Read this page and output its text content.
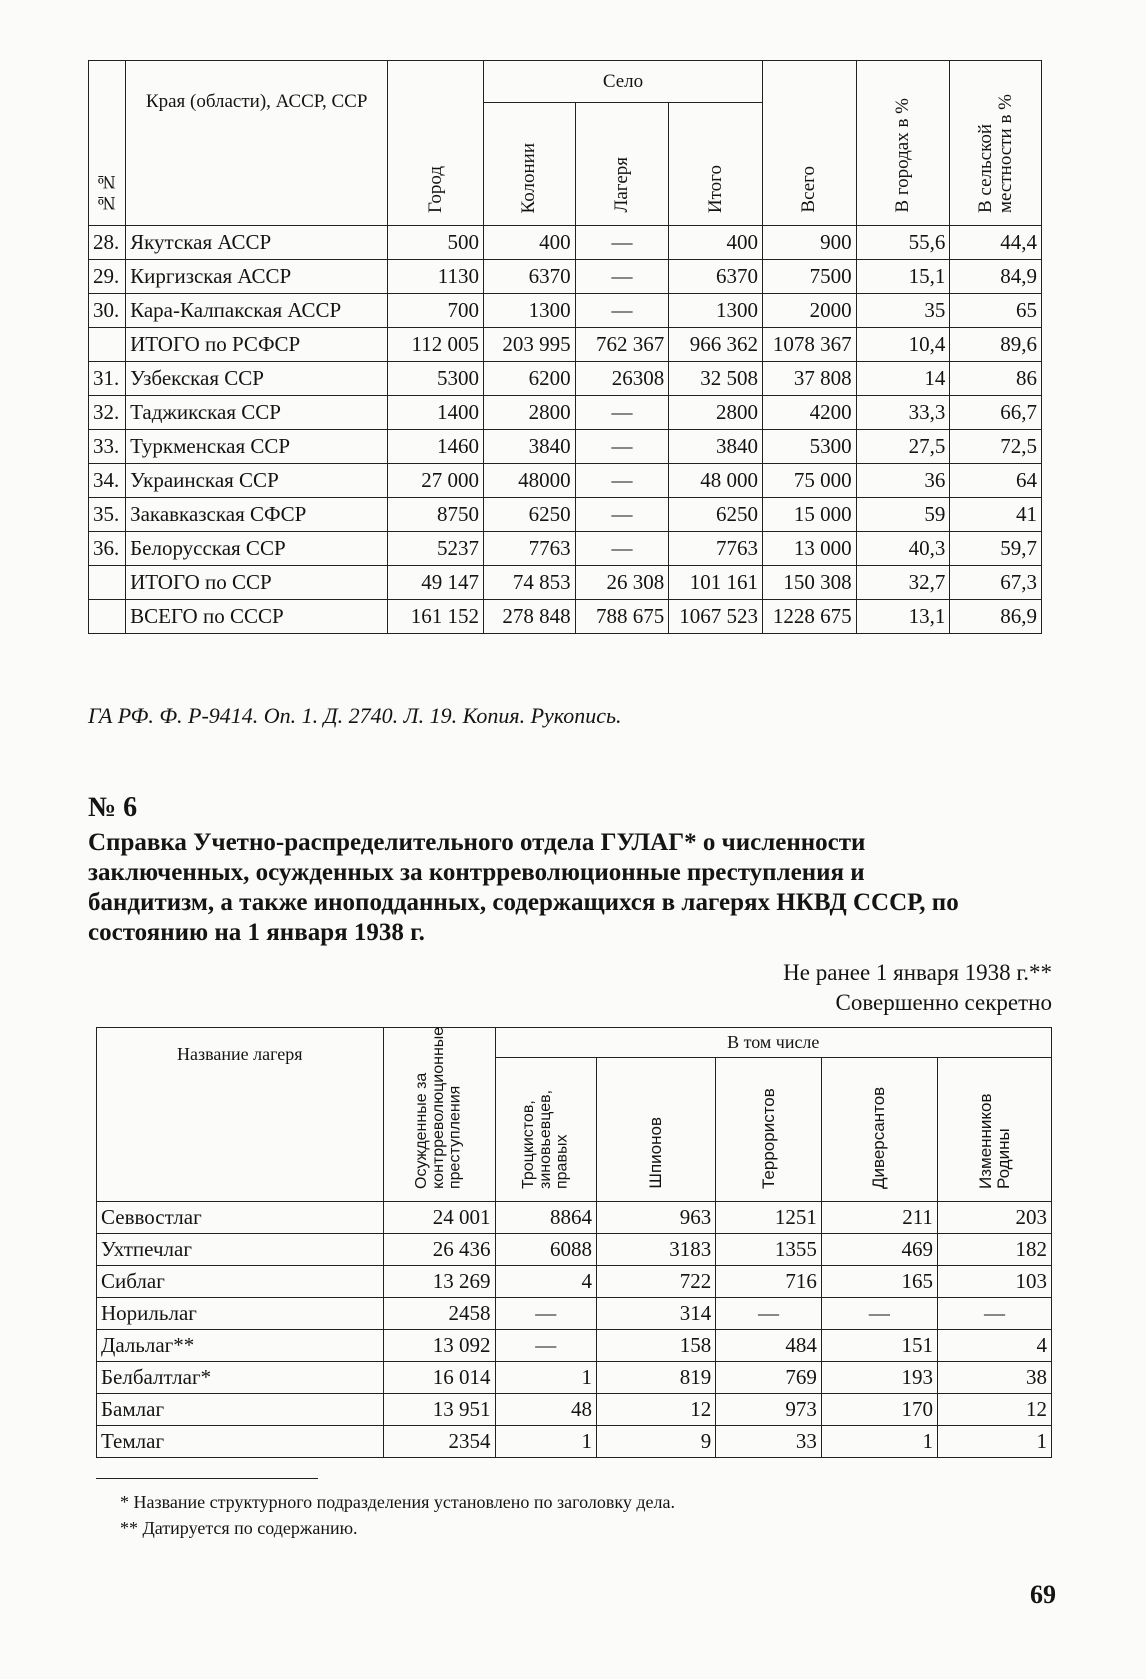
№№	Края (области), АССР, ССР	Город	Село			Всего	В городах в %	В сельской местности в %
			Колонии	Лагеря	Итого			
28.	Якутская АССР	500	400	—	400	900	55,6	44,4
29.	Киргизская АССР	1130	6370	—	6370	7500	15,1	84,9
30.	Кара-Калпакская АССР	700	1300	—	1300	2000	35	65
	ИТОГО по РСФСР	112 005	203 995	762 367	966 362	1078 367	10,4	89,6
31.	Узбекская ССР	5300	6200	26308	32 508	37 808	14	86
32.	Таджикская ССР	1400	2800	—	2800	4200	33,3	66,7
33.	Туркменская ССР	1460	3840	—	3840	5300	27,5	72,5
34.	Украинская ССР	27 000	48000	—	48 000	75 000	36	64
35.	Закавказская СФСР	8750	6250	—	6250	15 000	59	41
36.	Белорусская ССР	5237	7763	—	7763	13 000	40,3	59,7
	ИТОГО по ССР	49 147	74 853	26 308	101 161	150 308	32,7	67,3
	ВСЕГО по СССР	161 152	278 848	788 675	1067 523	1228 675	13,1	86,9
ГА РФ. Ф. Р-9414. Оп. 1. Д. 2740. Л. 19. Копия. Рукопись.
№ 6
Справка Учетно-распределительного отдела ГУЛАГ* о численности заключенных, осужденных за контрреволюционные преступления и бандитизм, а также иноподданных, содержащихся в лагерях НКВД СССР, по состоянию на 1 января 1938 г.
Не ранее 1 января 1938 г.**
Совершенно секретно
Название лагеря	Осужденные за контрреволюционные преступления	В том числе				
		Троцкистов, зиновьевцев, правых	Шпионов	Террористов	Диверсантов	Изменников Родины
Севвостлаг	24 001	8864	963	1251	211	203
Ухтпечлаг	26 436	6088	3183	1355	469	182
Сиблаг	13 269	4	722	716	165	103
Норильлаг	2458	—	314	—	—	—
Дальлаг**	13 092	—	158	484	151	4
Белбалтлаг*	16 014	1	819	769	193	38
Бамлаг	13 951	48	12	973	170	12
Темлаг	2354	1	9	33	1	1
* Название структурного подразделения установлено по заголовку дела.
** Датируется по содержанию.
69
